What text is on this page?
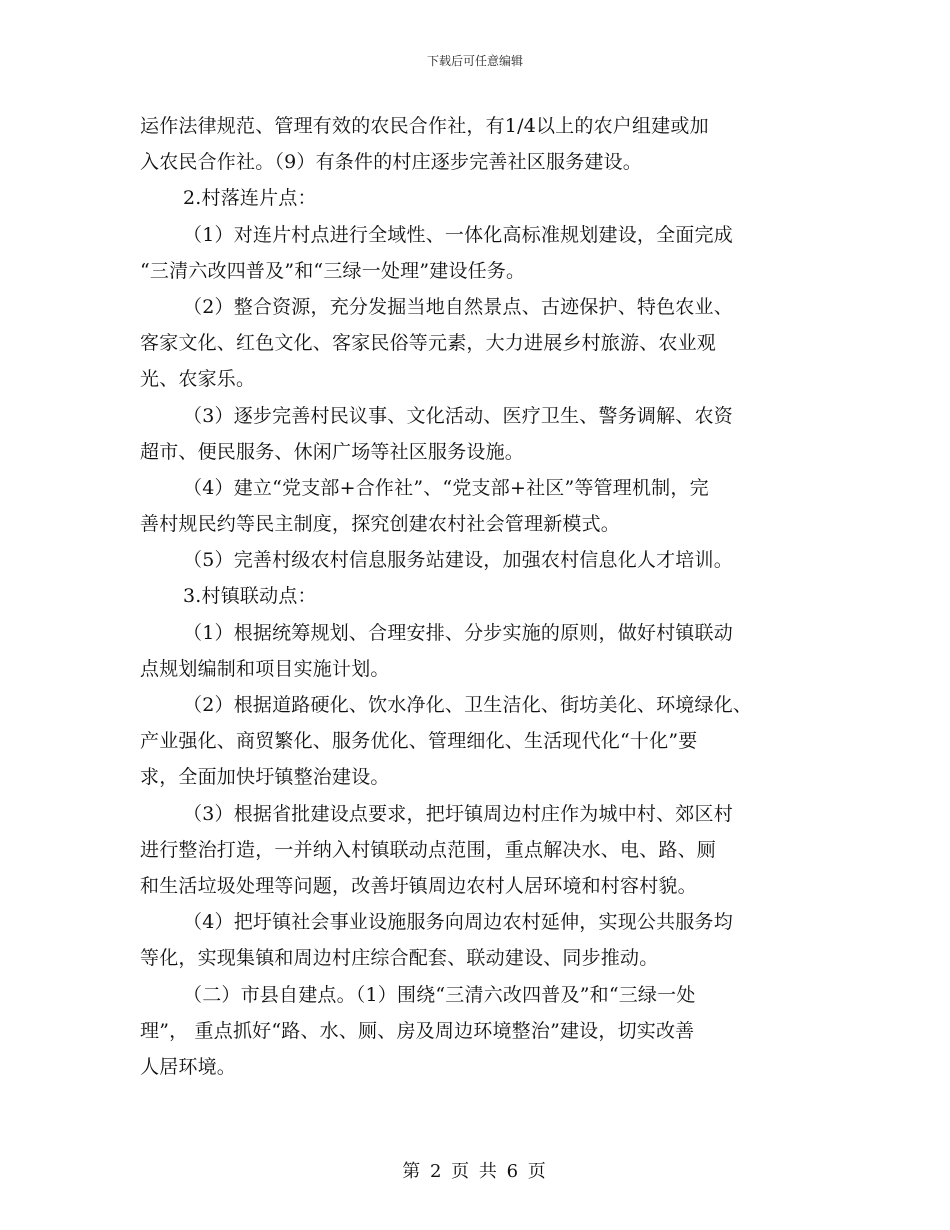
下载后可任意编辑
运作法律规范、管理有效的农民合作社，有1/4以上的农户组建或加
入农民合作社。（9）有条件的村庄逐步完善社区服务建设。
2.村落连片点：
（1）对连片村点进行全域性、一体化高标准规划建设，全面完成
“三清六改四普及”和“三绿一处理”建设任务。
（2）整合资源，充分发掘当地自然景点、古迹保护、特色农业、
客家文化、红色文化、客家民俗等元素，大力进展乡村旅游、农业观
光、农家乐。
（3）逐步完善村民议事、文化活动、医疗卫生、警务调解、农资
超市、便民服务、休闲广场等社区服务设施。
（4）建立“党支部+合作社”、“党支部+社区”等管理机制，完
善村规民约等民主制度，探究创建农村社会管理新模式。
（5）完善村级农村信息服务站建设，加强农村信息化人才培训。
3.村镇联动点：
（1）根据统筹规划、合理安排、分步实施的原则，做好村镇联动
点规划编制和项目实施计划。
（2）根据道路硬化、饮水净化、卫生洁化、街坊美化、环境绿化、
产业强化、商贸繁化、服务优化、管理细化、生活现代化“十化”要
求，全面加快圩镇整治建设。
（3）根据省批建设点要求，把圩镇周边村庄作为城中村、郊区村
进行整治打造，一并纳入村镇联动点范围，重点解决水、电、路、厕
和生活垃圾处理等问题，改善圩镇周边农村人居环境和村容村貌。
（4）把圩镇社会事业设施服务向周边农村延伸，实现公共服务均
等化，实现集镇和周边村庄综合配套、联动建设、同步推动。
（二）市县自建点。（1）围绕“三清六改四普及”和“三绿一处
理”， 重点抓好“路、水、厕、房及周边环境整治”建设，切实改善
人居环境。
第 2 页 共 6 页
